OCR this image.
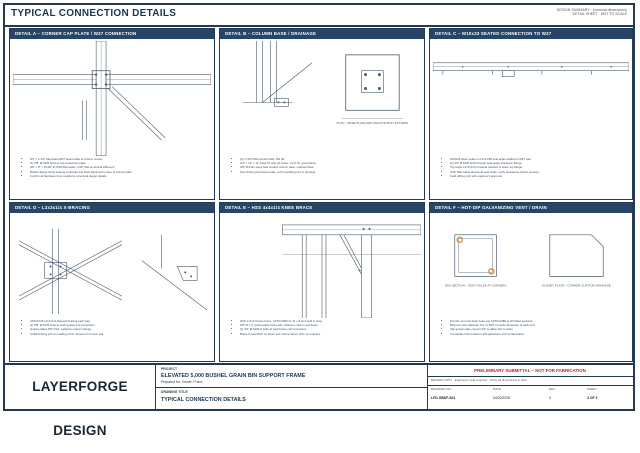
TYPICAL CONNECTION DETAILS	DESIGN SUMMARY · (nominal dimensions)
DETAIL SHEET · NOT TO SCALE
DETAIL A – CORNER CAP PLATE / W27 CONNECTION
• 3/4" × 1-1/2" fabricated W27 beam/collar at column corner.
• (4) 7/8" Ø A325 bolts at cap connection plate.
• 3/8" × 8" × PL3/8" E-7018 fillet welds, 3/16" fillet at vertical stiffeners.
• Bottom flange Verify bearing continuity and flush alignment to face of column plate.
• Confirm all hardware from supplier to structural design details.
DETAIL B – COLUMN BASE / DRAINAGE
PLAN – BASE PLATE AND ANCHOR BOLT PATTERN
• (4) 1" Ø F1554 anchor bolts, GR 36.
• 3/4" × 12" × 12" base PL with (4) holes, 1-1/2" Ø, grout below.
• 3/8" Ø drain weep hole at each column base, outboard face.
• Non-shrink grout below plate; verify levelling prior to grouting.
DETAIL C – W10x33 SEATED CONNECTION TO W27
• W10x33 beam seats on L4×4×3/8 seat angle welded to W27 web.
• (2) 3/4" Ø A325 bolts through seat angle and beam flange.
• Top angle L3×3×1/4 for lateral restraint of beam top flange.
• 3/16" fillet welds all around seat angle; verify clearances before erection.
• Field drilling only with engineer's approval.
DETAIL D – L3x3x1/4 X-BRACING
• ASTM A36 L3×3×1/4 diagonal bracing each way.
• (2) 5/8" Ø A325 bolts at each gusset end connection.
• Gusset plates 3/8" thick, welded to column flange.
• Install bracing prior to loading of bin; tension to remove sag.
DETAIL E – HSS 4x4x1/4 KNEE BRACE
• HSS 4×4×1/4 knee brace, ASTM A500 Gr. B, cut and weld in shop.
• 3/8" Ø × 4" gusset plate both ends, bolted to column and beam.
• (4) 3/4" Ø A325-N bolts at each brace end connection.
• Brace to seat flush on beam and column faces; shim as required.
DETAIL F – HOT-DIP GALVANIZING VENT / DRAIN
HSS SECTION – VENT HOLES AT CORNERS	GUSSET PLATE – CORNER CLIP FOR DRAINAGE
• Provide vent and drain holes per ASTM A385 at all hollow sections.
• Minimum hole diameter 1/2" or 25% of inside dimension at each end.
• Clip gusset plate corners 3/4" to allow zinc to drain.
• Coordinate hole locations with galvanizer prior to fabrication.
LAYERFORGE DESIGN
PROJECT
ELEVATED 5,000 BUSHEL GRAIN BIN SUPPORT FRAME
Prepared for: Owner / Farm
DRAWING TITLE
TYPICAL CONNECTION DETAILS
PRELIMINARY SUBMITTAL – NOT FOR FABRICATION
REVIEW COPY · Engineer's seal required · Verify all dimensions in field
DRAWING NO.
LFD-GBSF-S01
DATE
04/22/2026
REV
0
SHEET
3 OF 3
